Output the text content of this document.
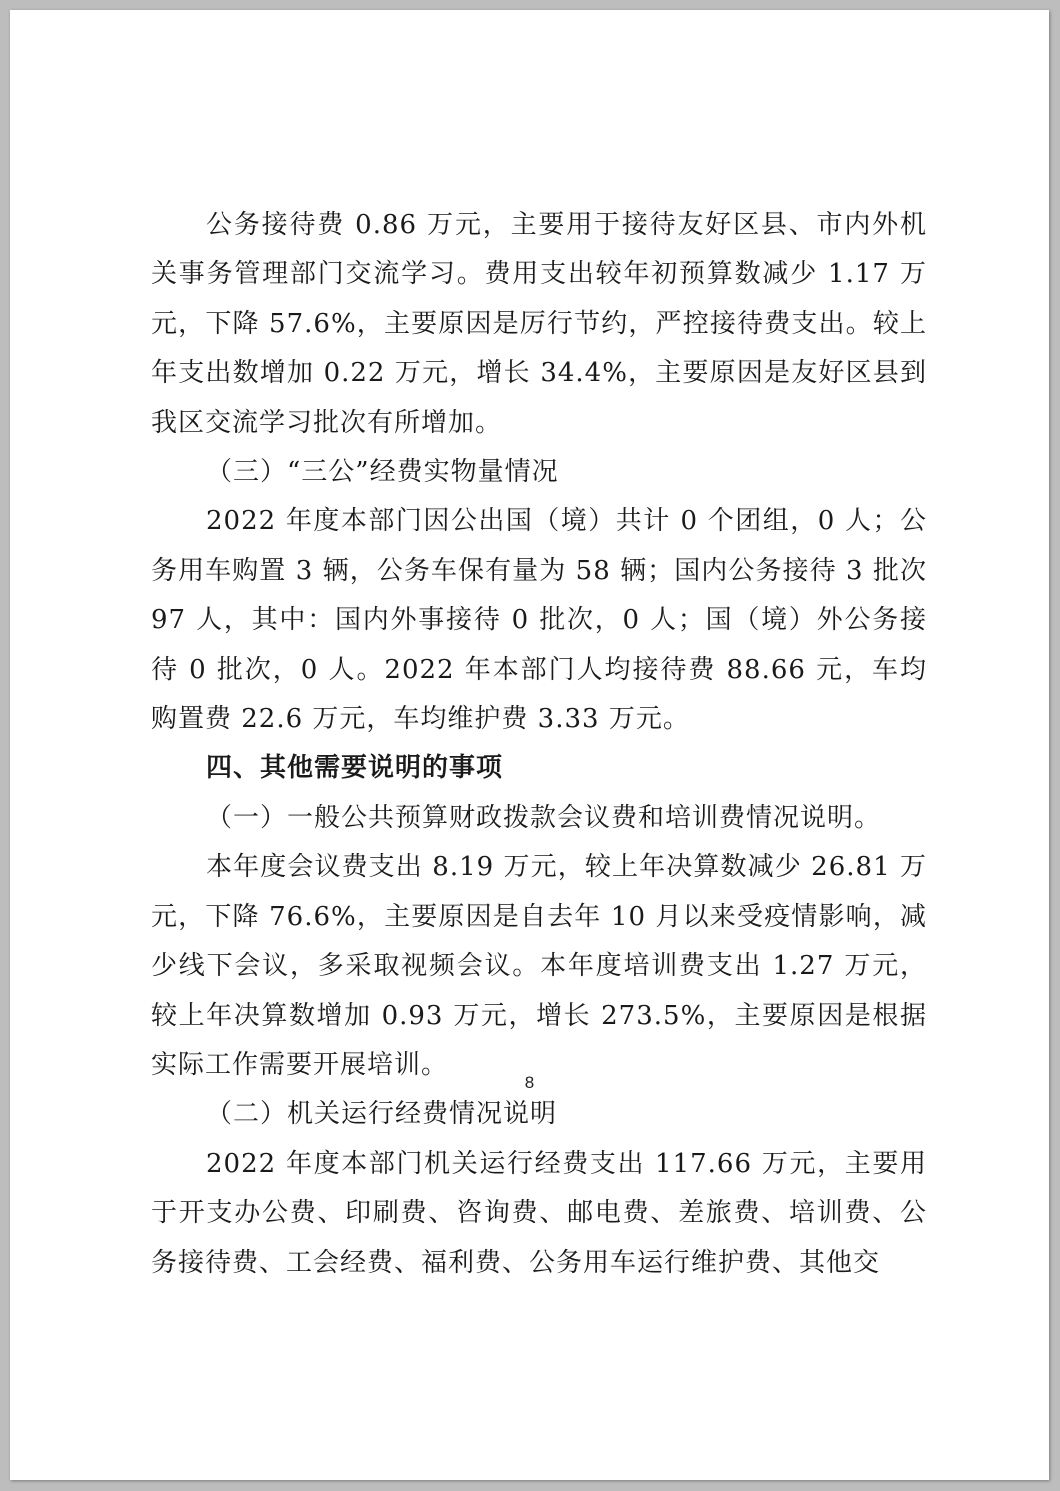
公务接待费 0.86 万元，主要用于接待友好区县、市内外机关事务管理部门交流学习。费用支出较年初预算数减少 1.17 万元，下降 57.6%，主要原因是厉行节约，严控接待费支出。较上年支出数增加 0.22 万元，增长 34.4%，主要原因是友好区县到我区交流学习批次有所增加。

（三）“三公”经费实物量情况

2022 年度本部门因公出国（境）共计 0 个团组，0 人；公务用车购置 3 辆，公务车保有量为 58 辆；国内公务接待 3 批次 97 人，其中：国内外事接待 0 批次，0 人；国（境）外公务接待 0 批次，0 人。2022 年本部门人均接待费 88.66 元，车均购置费 22.6 万元，车均维护费 3.33 万元。

四、其他需要说明的事项

（一）一般公共预算财政拨款会议费和培训费情况说明。

本年度会议费支出 8.19 万元，较上年决算数减少 26.81 万元，下降 76.6%，主要原因是自去年 10 月以来受疫情影响，减少线下会议，多采取视频会议。本年度培训费支出 1.27 万元，较上年决算数增加 0.93 万元，增长 273.5%，主要原因是根据实际工作需要开展培训。

（二）机关运行经费情况说明

2022 年度本部门机关运行经费支出 117.66 万元，主要用于开支办公费、印刷费、咨询费、邮电费、差旅费、培训费、公务接待费、工会经费、福利费、公务用车运行维护费、其他交

8
